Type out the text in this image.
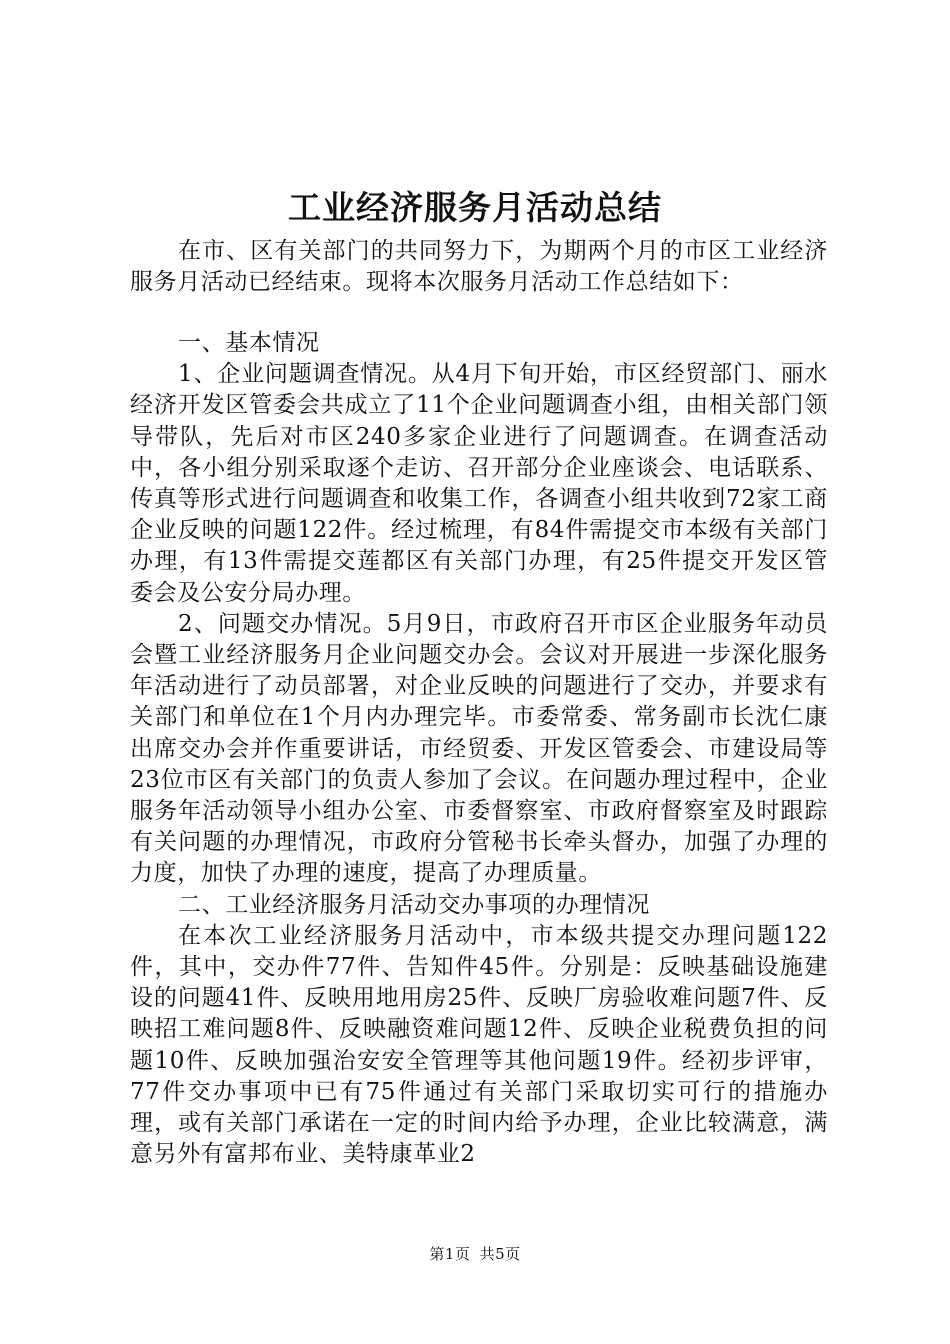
工业经济服务月活动总结

在市、区有关部门的共同努力下，为期两个月的市区工业经济服务月活动已经结束。现将本次服务月活动工作总结如下：

一、基本情况

1、企业问题调查情况。从4月下旬开始，市区经贸部门、丽水经济开发区管委会共成立了11个企业问题调查小组，由相关部门领导带队，先后对市区240多家企业进行了问题调查。在调查活动中，各小组分别采取逐个走访、召开部分企业座谈会、电话联系、传真等形式进行问题调查和收集工作，各调查小组共收到72家工商企业反映的问题122件。经过梳理，有84件需提交市本级有关部门办理，有13件需提交莲都区有关部门办理，有25件提交开发区管委会及公安分局办理。

2、问题交办情况。5月9日，市政府召开市区企业服务年动员会暨工业经济服务月企业问题交办会。会议对开展进一步深化服务年活动进行了动员部署，对企业反映的问题进行了交办，并要求有关部门和单位在1个月内办理完毕。市委常委、常务副市长沈仁康出席交办会并作重要讲话，市经贸委、开发区管委会、市建设局等23位市区有关部门的负责人参加了会议。在问题办理过程中，企业服务年活动领导小组办公室、市委督察室、市政府督察室及时跟踪有关问题的办理情况，市政府分管秘书长牵头督办，加强了办理的力度，加快了办理的速度，提高了办理质量。

二、工业经济服务月活动交办事项的办理情况

在本次工业经济服务月活动中，市本级共提交办理问题122件，其中，交办件77件、告知件45件。分别是：反映基础设施建设的问题41件、反映用地用房25件、反映厂房验收难问题7件、反映招工难问题8件、反映融资难问题12件、反映企业税费负担的问题10件、反映加强治安安全管理等其他问题19件。经初步评审，77件交办事项中已有75件通过有关部门采取切实可行的措施办理，或有关部门承诺在一定的时间内给予办理，企业比较满意，满意另外有富邦布业、美特康革业2

第1页 共5页
